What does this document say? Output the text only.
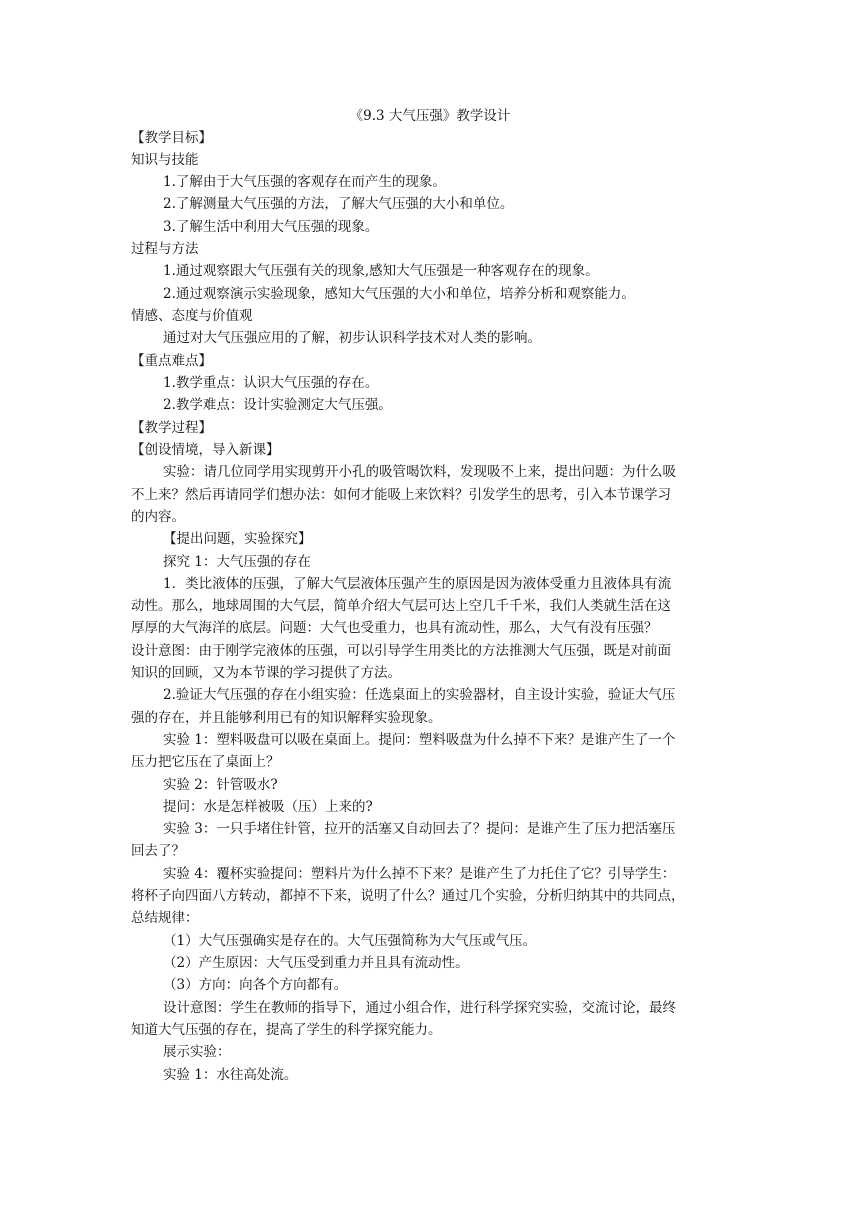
《9.3 大气压强》教学设计
【教学目标】
知识与技能
1.了解由于大气压强的客观存在而产生的现象。
2.了解测量大气压强的方法，了解大气压强的大小和单位。
3.了解生活中利用大气压强的现象。
过程与方法
1.通过观察跟大气压强有关的现象,感知大气压强是一种客观存在的现象。
2.通过观察演示实验现象，感知大气压强的大小和单位，培养分析和观察能力。
情感、态度与价值观
通过对大气压强应用的了解，初步认识科学技术对人类的影响。
【重点难点】
1.教学重点：认识大气压强的存在。
2.教学难点：设计实验测定大气压强。
【教学过程】
【创设情境，导入新课】
实验：请几位同学用实现剪开小孔的吸管喝饮料，发现吸不上来，提出问题：为什么吸
不上来？然后再请同学们想办法：如何才能吸上来饮料？引发学生的思考，引入本节课学习
的内容。
【提出问题，实验探究】
探究 1：大气压强的存在
1．类比液体的压强，了解大气层液体压强产生的原因是因为液体受重力且液体具有流
动性。那么，地球周围的大气层，简单介绍大气层可达上空几千千米，我们人类就生活在这
厚厚的大气海洋的底层。问题：大气也受重力，也具有流动性，那么，大气有没有压强？
设计意图：由于刚学完液体的压强，可以引导学生用类比的方法推测大气压强，既是对前面
知识的回顾，又为本节课的学习提供了方法。
2.验证大气压强的存在小组实验：任选桌面上的实验器材，自主设计实验，验证大气压
强的存在，并且能够利用已有的知识解释实验现象。
实验 1：塑料吸盘可以吸在桌面上。提问：塑料吸盘为什么掉不下来？是谁产生了一个
压力把它压在了桌面上？
实验 2：针管吸水?
提问：水是怎样被吸（压）上来的?
实验 3：一只手堵住针管，拉开的活塞又自动回去了？提问：是谁产生了压力把活塞压
回去了？
实验 4：覆杯实验提问：塑料片为什么掉不下来？是谁产生了力托住了它？引导学生：
将杯子向四面八方转动，都掉不下来，说明了什么？通过几个实验，分析归纳其中的共同点，
总结规律：
（1）大气压强确实是存在的。大气压强简称为大气压或气压。
（2）产生原因：大气压受到重力并且具有流动性。
（3）方向：向各个方向都有。
设计意图：学生在教师的指导下，通过小组合作，进行科学探究实验，交流讨论，最终
知道大气压强的存在，提高了学生的科学探究能力。
展示实验：
实验 1：水往高处流。
